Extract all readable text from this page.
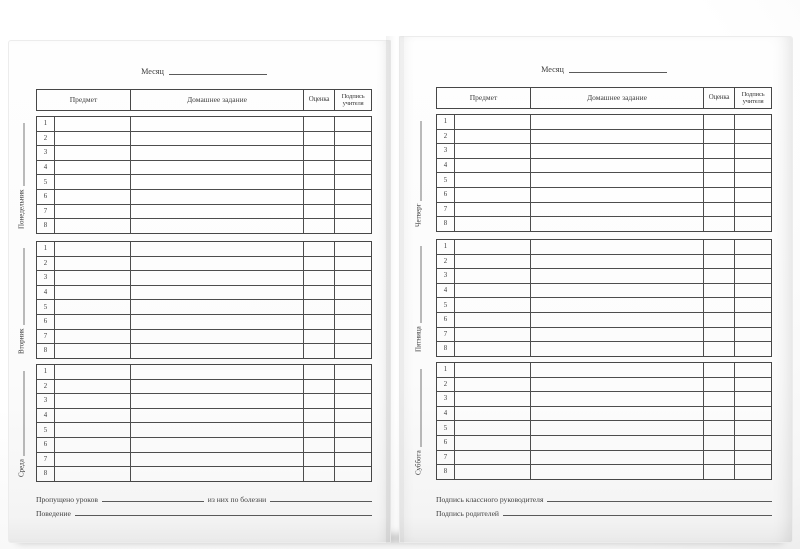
Месяц
Предмет	Домашнее задание	Оценка	Подпись
учителя
1
2
3
4
5
6
7
8
Понедельник
1
2
3
4
5
6
7
8
Вторник
1
2
3
4
5
6
7
8
Среда
Пропущено уроков	из них по болезни
Поведение
Месяц
Предмет	Домашнее задание	Оценка	Подпись
учителя
1
2
3
4
5
6
7
8
Четверг
1
2
3
4
5
6
7
8
Пятница
1
2
3
4
5
6
7
8
Суббота
Подпись классного руководителя
Подпись родителей
